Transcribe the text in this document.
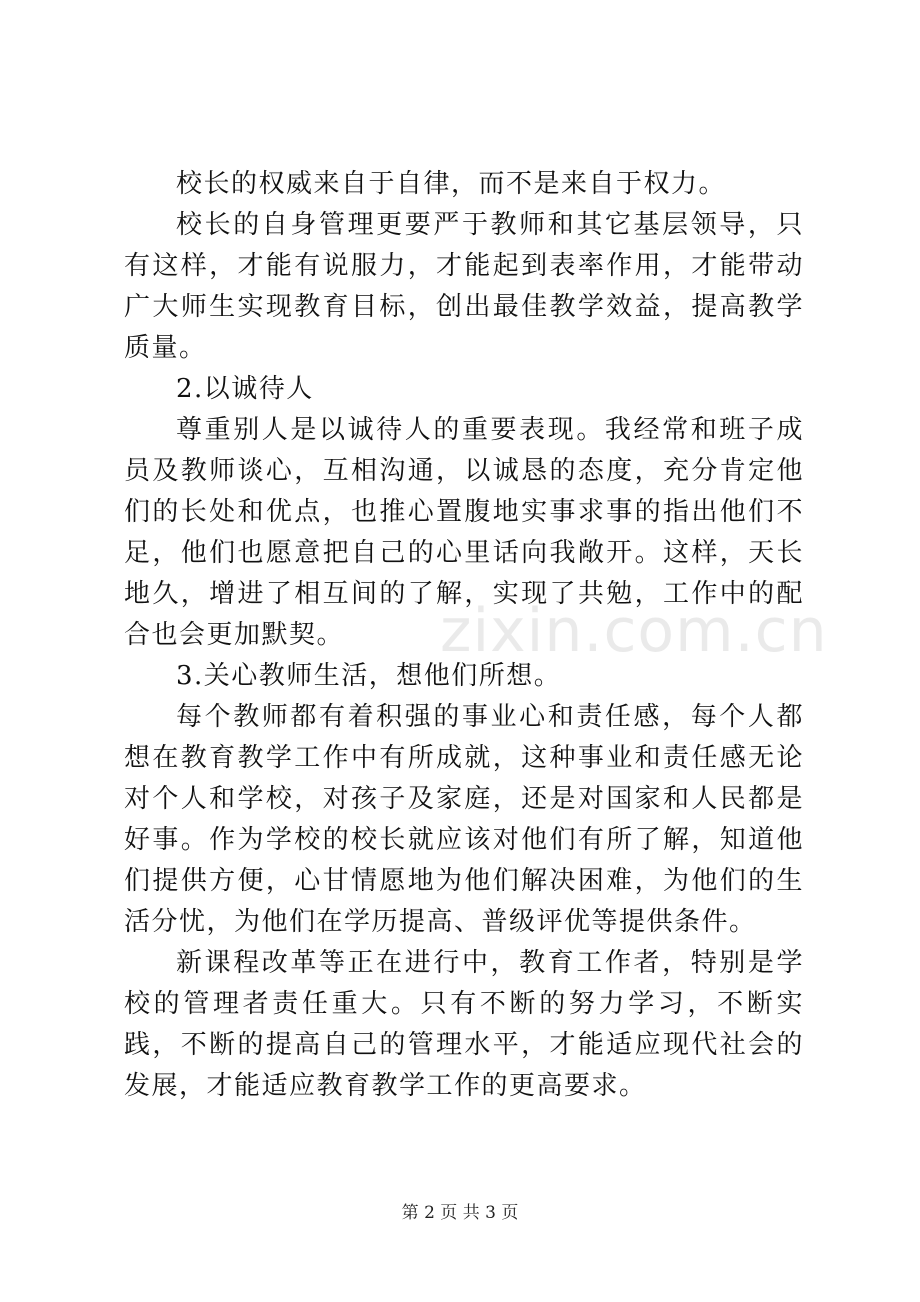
校长的权威来自于自律，而不是来自于权力。

校长的自身管理更要严于教师和其它基层领导，只有这样，才能有说服力，才能起到表率作用，才能带动广大师生实现教育目标，创出最佳教学效益，提高教学质量。

2.以诚待人

尊重别人是以诚待人的重要表现。我经常和班子成员及教师谈心，互相沟通，以诚恳的态度，充分肯定他们的长处和优点，也推心置腹地实事求事的指出他们不足，他们也愿意把自己的心里话向我敞开。这样，天长地久，增进了相互间的了解，实现了共勉，工作中的配合也会更加默契。

3.关心教师生活，想他们所想。

每个教师都有着积强的事业心和责任感，每个人都想在教育教学工作中有所成就，这种事业和责任感无论对个人和学校，对孩子及家庭，还是对国家和人民都是好事。作为学校的校长就应该对他们有所了解，知道他们提供方便，心甘情愿地为他们解决困难，为他们的生活分忧，为他们在学历提高、普级评优等提供条件。

新课程改革等正在进行中，教育工作者，特别是学校的管理者责任重大。只有不断的努力学习，不断实践，不断的提高自己的管理水平，才能适应现代社会的发展，才能适应教育教学工作的更高要求。

zixin.com.cn
第 2 页 共 3 页
